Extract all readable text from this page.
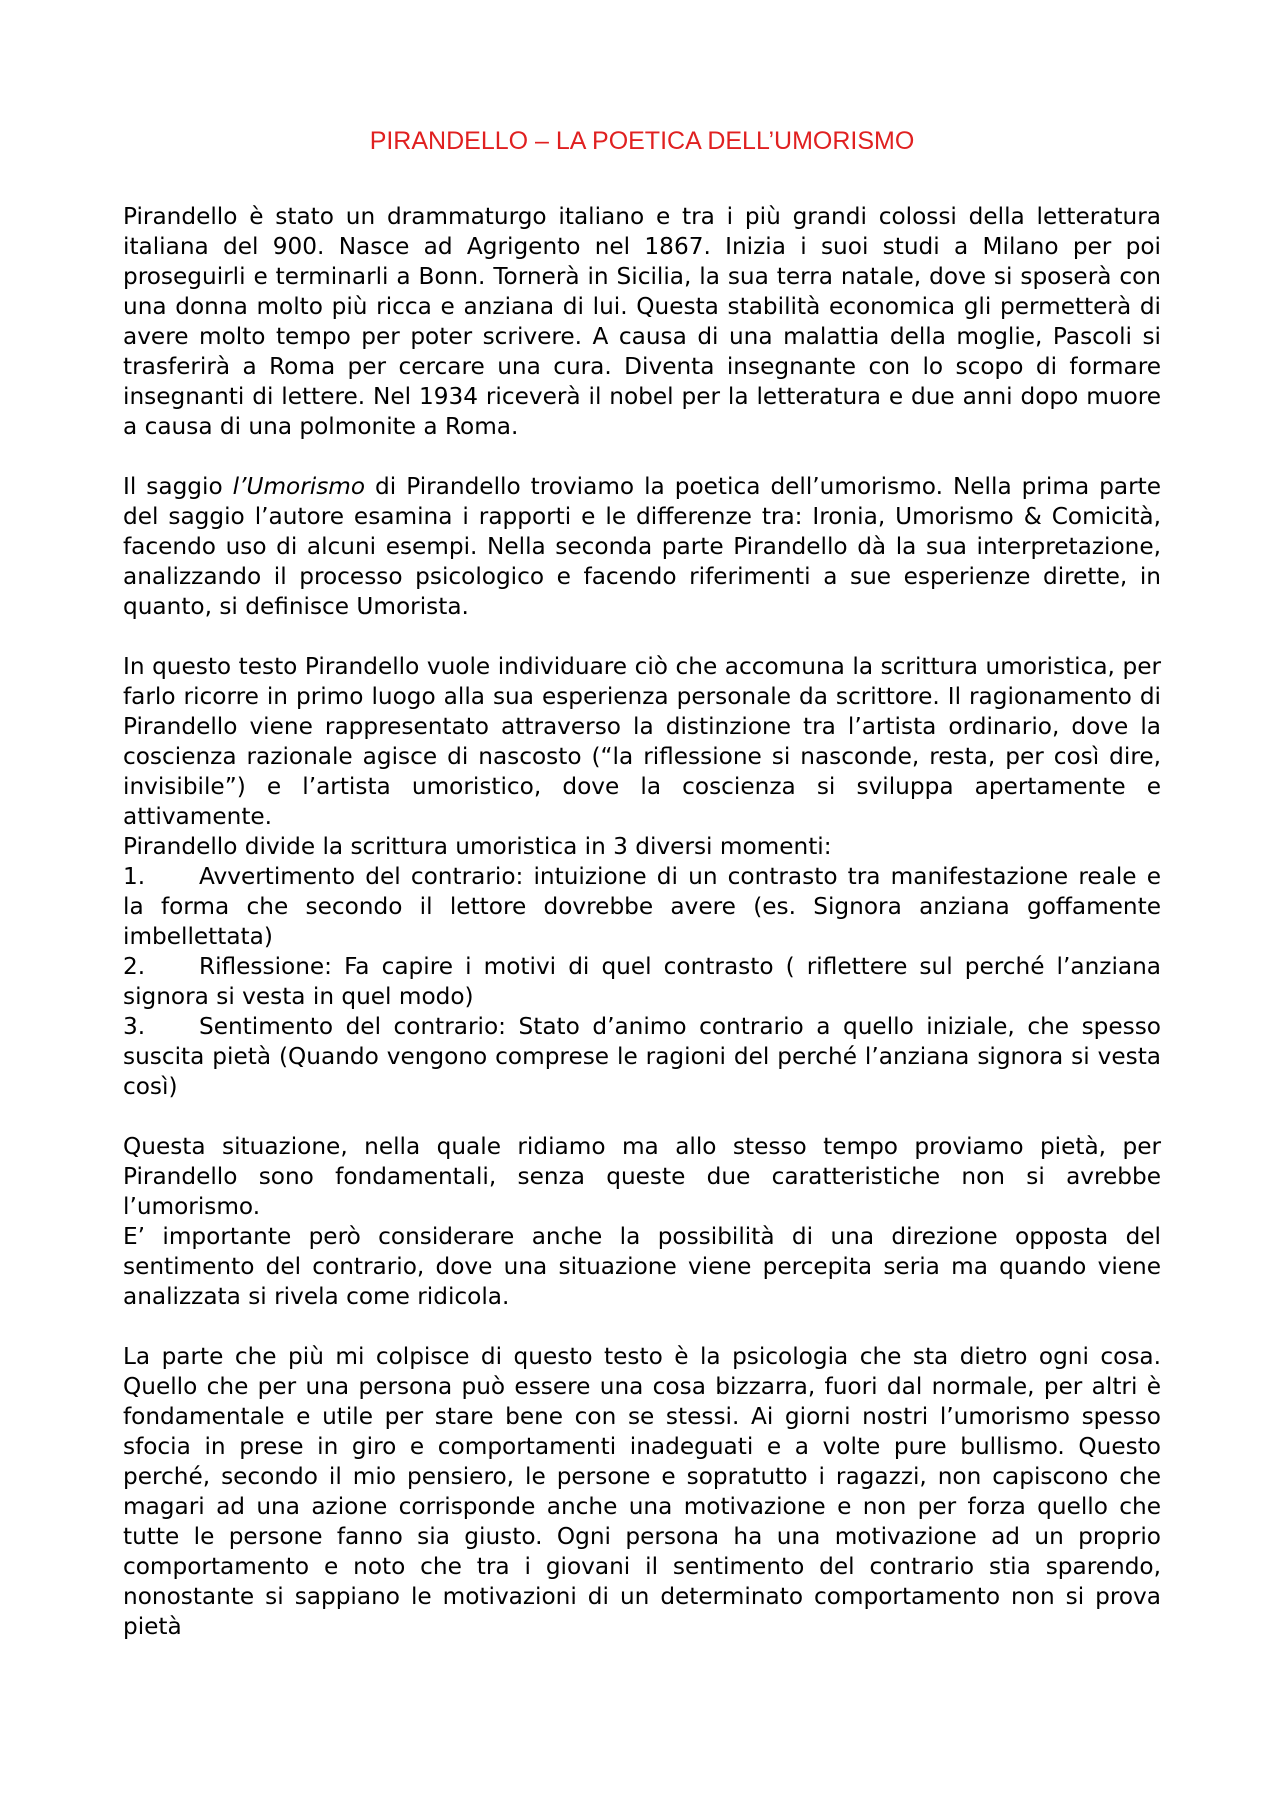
PIRANDELLO – LA POETICA DELL’UMORISMO

Pirandello è stato un drammaturgo italiano e tra i più grandi colossi della letteratura italiana del 900. Nasce ad Agrigento nel 1867. Inizia i suoi studi a Milano per poi proseguirli e terminarli a Bonn. Tornerà in Sicilia, la sua terra natale, dove si sposerà con una donna molto più ricca e anziana di lui. Questa stabilità economica gli permetterà di avere molto tempo per poter scrivere. A causa di una malattia della moglie, Pascoli si trasferirà a Roma per cercare una cura. Diventa insegnante con lo scopo di formare insegnanti di lettere. Nel 1934 riceverà il nobel per la letteratura e due anni dopo muore a causa di una polmonite a Roma.

Il saggio l’Umorismo di Pirandello troviamo la poetica dell’umorismo. Nella prima parte del saggio l’autore esamina i rapporti e le differenze tra: Ironia, Umorismo & Comicità, facendo uso di alcuni esempi. Nella seconda parte Pirandello dà la sua interpretazione, analizzando il processo psicologico e facendo riferimenti a sue esperienze dirette, in quanto, si definisce Umorista.

In questo testo Pirandello vuole individuare ciò che accomuna la scrittura umoristica, per farlo ricorre in primo luogo alla sua esperienza personale da scrittore. Il ragionamento di Pirandello viene rappresentato attraverso la distinzione tra l’artista ordinario, dove la coscienza razionale agisce di nascosto (“la riflessione si nasconde, resta, per così dire, invisibile”) e l’artista umoristico, dove la coscienza si sviluppa apertamente e attivamente.

Pirandello divide la scrittura umoristica in 3 diversi momenti:

1. Avvertimento del contrario: intuizione di un contrasto tra manifestazione reale e la forma che secondo il lettore dovrebbe avere (es. Signora anziana goffamente imbellettata)
2. Riflessione: Fa capire i motivi di quel contrasto ( riflettere sul perché l’anziana signora si vesta in quel modo)
3. Sentimento del contrario: Stato d’animo contrario a quello iniziale, che spesso suscita pietà (Quando vengono comprese le ragioni del perché l’anziana signora si vesta così)

Questa situazione, nella quale ridiamo ma allo stesso tempo proviamo pietà, per Pirandello sono fondamentali, senza queste due caratteristiche non si avrebbe l’umorismo.

E’ importante però considerare anche la possibilità di una direzione opposta del sentimento del contrario, dove una situazione viene percepita seria ma quando viene analizzata si rivela come ridicola.

La parte che più mi colpisce di questo testo è la psicologia che sta dietro ogni cosa. Quello che per una persona può essere una cosa bizzarra, fuori dal normale, per altri è fondamentale e utile per stare bene con se stessi. Ai giorni nostri l’umorismo spesso sfocia in prese in giro e comportamenti inadeguati e a volte pure bullismo. Questo perché, secondo il mio pensiero, le persone e sopratutto i ragazzi, non capiscono che magari ad una azione corrisponde anche una motivazione e non per forza quello che tutte le persone fanno sia giusto. Ogni persona ha una motivazione ad un proprio comportamento e noto che tra i giovani il sentimento del contrario stia sparendo, nonostante si sappiano le motivazioni di un determinato comportamento non si prova pietà
